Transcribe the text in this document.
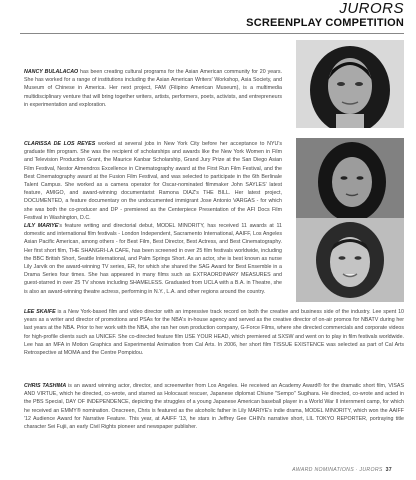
JURORS
SCREENPLAY COMPETITION

NANCY BULALACAO has been creating cultural programs for the Asian American community for 20 years. She has worked for a range of institutions including the Asian American Writers' Workshop, Asia Society, and Museum of Chinese in America. Her next project, FAM (Filipino American Museum), is a multimedia multidisciplinary venture that will bring together writers, artists, performers, poets, activists, and entrepreneurs in experimentation and exploration.

CLARISSA DE LOS REYES worked at several jobs in New York City before her acceptance to NYU's graduate film program. She was the recipient of scholarships and awards like the New York Women in Film and Television Production Grant, the Maurice Kanbar Scholarship, Grand Jury Prize at the San Diego Asian Film Festival, Nestor Almendros Excellence in Cinematography award at the First Run Film Festival, and the Best Cinematography award at the Fusion Film Festival, and was selected to participate in the 6th Berlinale Talent Campus. She worked as a camera operator for Oscar-nominated filmmaker John SAYLES' latest feature, AMIGO, and award-winning documentarist Ramona DIAZ's THE BILL. Her latest project, DOCUMENTED, a feature documentary on the undocumented immigrant Jose Antonio VARGAS - for which she was both the co-producer and DP - premiered as the Centerpiece Presentation of the AFI Docs Film Festival in Washington, D.C.

LILY MARIYE's feature writing and directorial debut, MODEL MINORITY, has received 11 awards at 11 domestic and international film festivals - London Independent, Sacramento International, AAIFF, Los Angeles Asian Pacific American, among others - for Best Film, Best Director, Best Actress, and Best Cinematography. Her first short film, THE SHANGRI-LA CAFE, has been screened in over 25 film festivals worldwide, including the BBC British Short, Seattle International, and Palm Springs Short. As an actor, she is best known as nurse Lily Jarvik on the award-winning TV series, ER, for which she shared the SAG Award for Best Ensemble in a Drama Series four times. She has appeared in many films such as EXTRAORDINARY MEASURES and guest-starred in over 25 TV shows including SHAMELESS. Graduated from UCLA with a B.A. in Theatre, she is also an award-winning theatre actress, performing in N.Y., L.A. and other regions around the country.

LEE SKAIFE is a New York-based film and video director with an impressive track record on both the creative and business side of the industry. Lee spent 10 years as a writer and director of promotions and PSAs for the NBA's in-house agency and served as the creative director of on-air promos for NBATV during her last years at the NBA. Prior to her work with the NBA, she ran her own production company, G-Force Films, where she directed commercials and corporate videos for high-profile clients such as UNICEF. She co-directed feature film USE YOUR HEAD, which premiered at SXSW and went on to play in film festivals worldwide. Lee has an MFA in Motion Graphics and Experimental Animation from Cal Arts. In 2006, her short film TISSUE EXISTENCE was selected as part of Cal Arts Retrospective at MOMA and the Centre Pompidou.

CHRIS TASHIMA is an award winning actor, director, and screenwriter from Los Angeles. He received an Academy Award® for the dramatic short film, VISAS AND VIRTUE, which he directed, co-wrote, and starred as Holocaust rescuer, Japanese diplomat Chiune "Sempo" Sugihara. He directed, co-wrote and acted in the PBS Special, DAY OF INDEPENDENCE, depicting the struggles of a young Japanese American baseball player in a World War II internment camp, for which he received an EMMY® nomination. Onscreen, Chris is featured as the alcoholic father in Lily MARIYE's indie drama, MODEL MINORITY, which won the AAIFF '12 Audience Award for Narrative Feature. This year, at AAIFF '13, he stars in Jeffrey Gee CHIN's narrative short, LIL TOKYO REPORTER, portraying title character Sei Fujii, an early Civil Rights pioneer and newspaper publisher.

AWARD NOMINATIONS · JURORS 37
